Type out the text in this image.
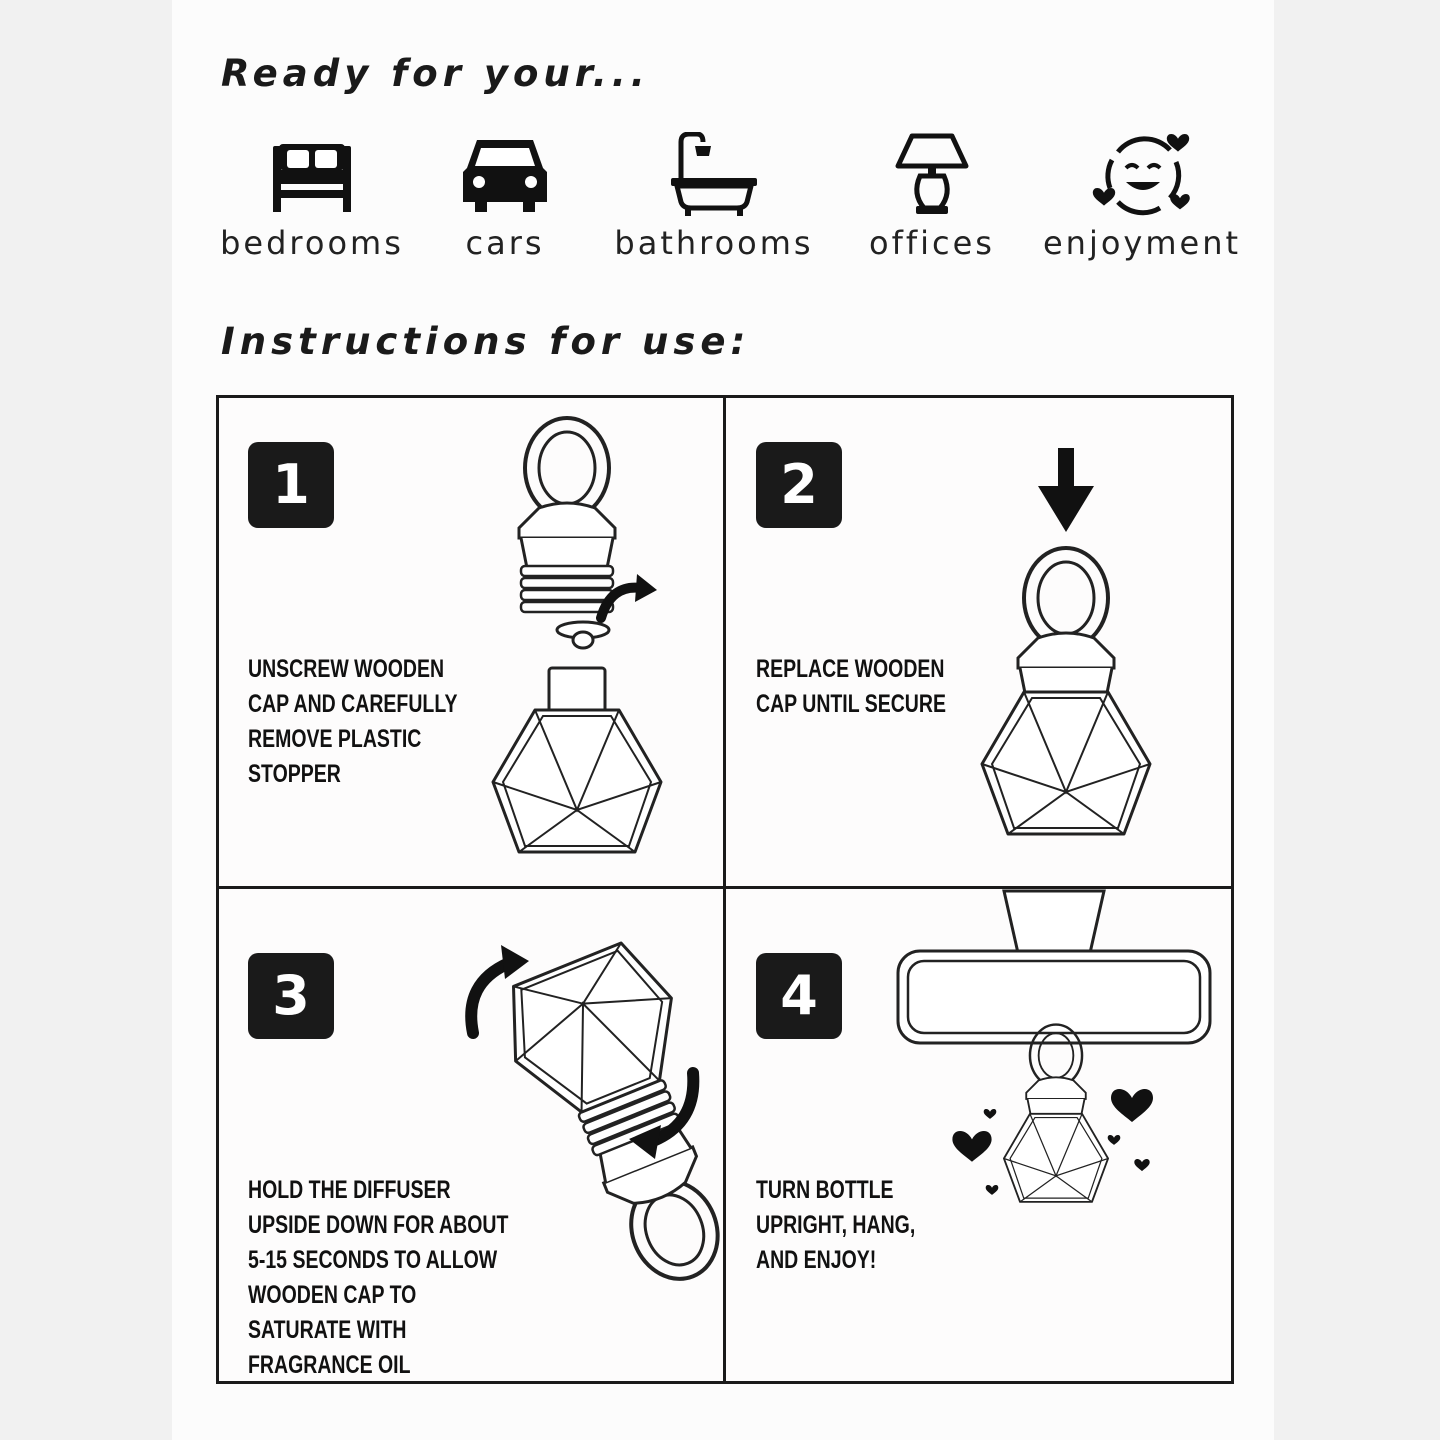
Ready for your...
bedrooms	cars	bathrooms	offices	enjoyment
Instructions for use:
1

UNSCREW WOODEN CAP AND CAREFULLY REMOVE PLASTIC STOPPER

2

REPLACE WOODEN CAP UNTIL SECURE

3

HOLD THE DIFFUSER UPSIDE DOWN FOR ABOUT 5-15 SECONDS TO ALLOW WOODEN CAP TO SATURATE WITH FRAGRANCE OIL

4

TURN BOTTLE UPRIGHT, HANG, AND ENJOY!
